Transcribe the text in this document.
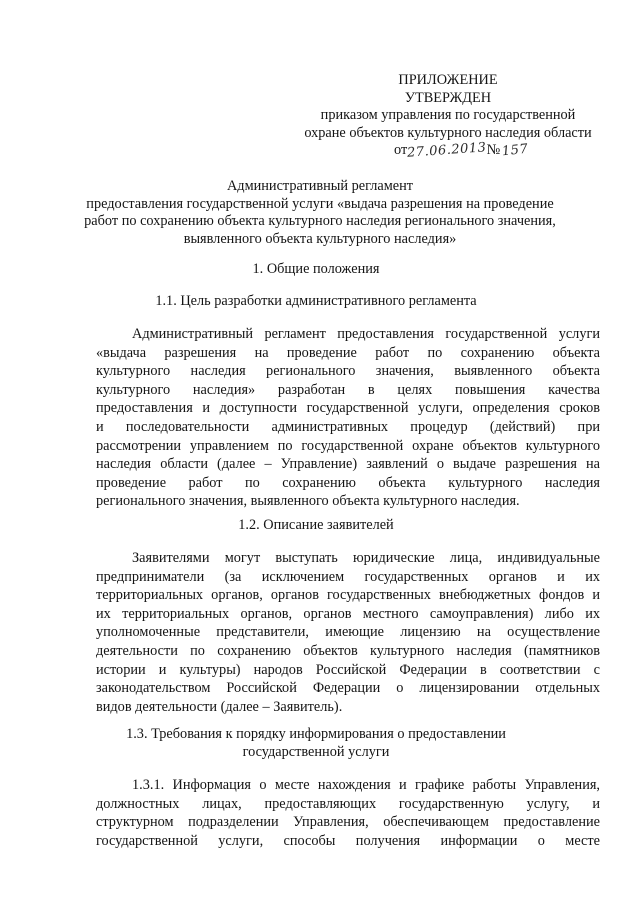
ПРИЛОЖЕНИЕ
УТВЕРЖДЕН
приказом управления по государственной
охране объектов культурного наследия области
от27.06.2013№157
Административный регламент
предоставления государственной услуги «выдача разрешения на проведение
работ по сохранению объекта культурного наследия регионального значения,
выявленного объекта культурного наследия»
1. Общие положения
1.1. Цель разработки административного регламента
Административный регламент предоставления государственной услуги
«выдача разрешения на проведение работ по сохранению объекта
культурного наследия регионального значения, выявленного объекта
культурного наследия» разработан в целях повышения качества
предоставления и доступности государственной услуги, определения сроков
и последовательности административных процедур (действий) при
рассмотрении управлением по государственной охране объектов культурного
наследия области (далее – Управление) заявлений о выдаче разрешения на
проведение работ по сохранению объекта культурного наследия
регионального значения, выявленного объекта культурного наследия.
1.2. Описание заявителей
Заявителями могут выступать юридические лица, индивидуальные
предприниматели (за исключением государственных органов и их
территориальных органов, органов государственных внебюджетных фондов и
их территориальных органов, органов местного самоуправления) либо их
уполномоченные представители, имеющие лицензию на осуществление
деятельности по сохранению объектов культурного наследия (памятников
истории и культуры) народов Российской Федерации в соответствии с
законодательством Российской Федерации о лицензировании отдельных
видов деятельности (далее – Заявитель).
1.3. Требования к порядку информирования о предоставлении
государственной услуги
1.3.1. Информация о месте нахождения и графике работы Управления,
должностных лицах, предоставляющих государственную услугу, и
структурном подразделении Управления, обеспечивающем предоставление
государственной услуги, способы получения информации о месте
